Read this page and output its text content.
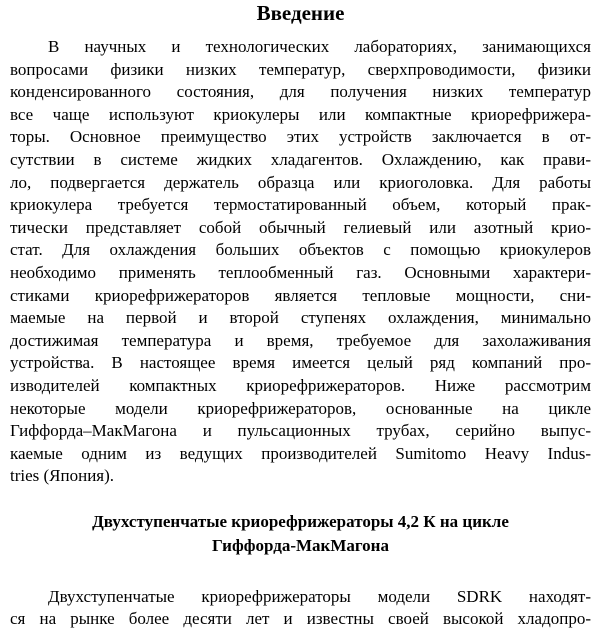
Введение

В научных и технологических лабораториях, занимающихся
вопросами физики низких температур, сверхпроводимости, физики
конденсированного состояния, для получения низких температур
все чаще используют криокулеры или компактные криорефрижера-
торы. Основное преимущество этих устройств заключается в от-
сутствии в системе жидких хладагентов. Охлаждению, как прави-
ло, подвергается держатель образца или криоголовка. Для работы
криокулера требуется термостатированный объем, который прак-
тически представляет собой обычный гелиевый или азотный крио-
стат. Для охлаждения больших объектов с помощью криокулеров
необходимо применять теплообменный газ. Основными характери-
стиками криорефрижераторов является тепловые мощности, сни-
маемые на первой и второй ступенях охлаждения, минимально
достижимая температура и время, требуемое для захолаживания
устройства. В настоящее время имеется целый ряд компаний про-
изводителей компактных криорефрижераторов. Ниже рассмотрим
некоторые модели криорефрижераторов, основанные на цикле
Гиффорда–МакМагона и пульсационных трубах, серийно выпус-
каемые одним из ведущих производителей Sumitomo Heavy Indus-
tries (Япония).

Двухступенчатые криорефрижераторы 4,2 К на цикле
Гиффорда-МакМагона

Двухступенчатые криорефрижераторы модели SDRK находят-
ся на рынке более десяти лет и известны своей высокой хладопро-
